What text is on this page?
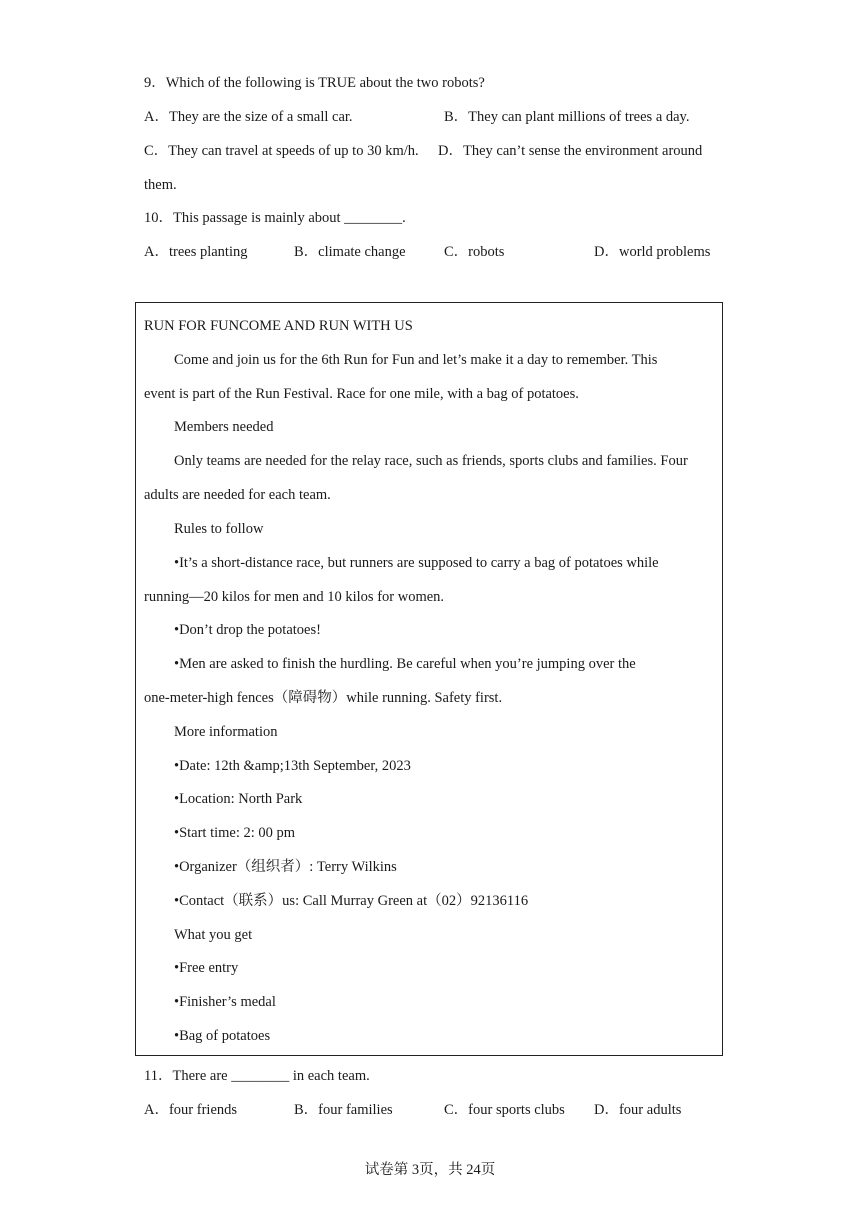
9．Which of the following is TRUE about the two robots?
A．They are the size of a small car.	B．They can plant millions of trees a day.
C．They can travel at speeds of up to 30 km/h. D．They can’t sense the environment around
them.
10．This passage is mainly about ________.
A．trees planting	B．climate change	C．robots	D．world problems
RUN FOR FUNCOME AND RUN WITH US
Come and join us for the 6th Run for Fun and let’s make it a day to remember. This
event is part of the Run Festival. Race for one mile, with a bag of potatoes.
Members needed
Only teams are needed for the relay race, such as friends, sports clubs and families. Four
adults are needed for each team.
Rules to follow
•It’s a short-distance race, but runners are supposed to carry a bag of potatoes while
running—20 kilos for men and 10 kilos for women.
•Don’t drop the potatoes!
•Men are asked to finish the hurdling. Be careful when you’re jumping over the
one-meter-high fences（障碍物）while running. Safety first.
More information
•Date: 12th &amp;13th September, 2023
•Location: North Park
•Start time: 2: 00 pm
•Organizer（组织者）: Terry Wilkins
•Contact（联系）us: Call Murray Green at（02）92136116
What you get
•Free entry
•Finisher’s medal
•Bag of potatoes
11．There are ________ in each team.
A．four friends	B．four families	C．four sports clubs D．four adults
试卷第 3页，共 24页
